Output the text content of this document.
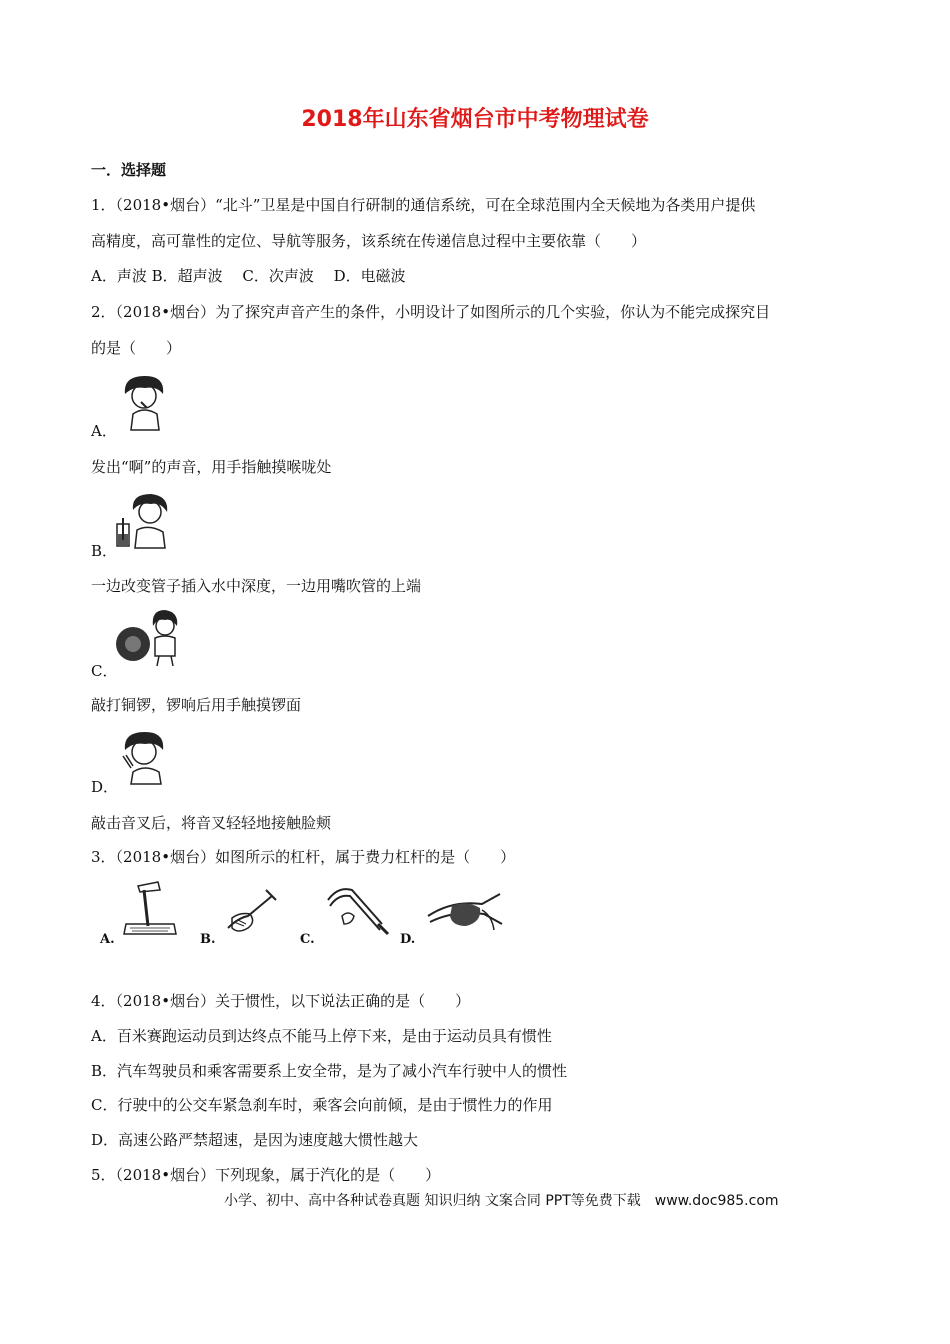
2018年山东省烟台市中考物理试卷
一．选择题
1．（2018•烟台）“北斗”卫星是中国自行研制的通信系统，可在全球范围内全天候地为各类用户提供
高精度，高可靠性的定位、导航等服务，该系统在传递信息过程中主要依靠（　　）
A．声波 B．超声波　 C．次声波　 D．电磁波
2．（2018•烟台）为了探究声音产生的条件，小明设计了如图所示的几个实验，你认为不能完成探究目
的是（　　）
A．
发出“啊”的声音，用手指触摸喉咙处
B．
一边改变管子插入水中深度，一边用嘴吹管的上端
C．
敲打铜锣，锣响后用手触摸锣面
D．
敲击音叉后，将音叉轻轻地接触脸颊
3．（2018•烟台）如图所示的杠杆，属于费力杠杆的是（　　）
A.	B.	C.	D.
4．（2018•烟台）关于惯性，以下说法正确的是（　　）
A．百米赛跑运动员到达终点不能马上停下来，是由于运动员具有惯性
B．汽车驾驶员和乘客需要系上安全带，是为了减小汽车行驶中人的惯性
C．行驶中的公交车紧急刹车时，乘客会向前倾，是由于惯性力的作用
D．高速公路严禁超速，是因为速度越大惯性越大
5．（2018•烟台）下列现象，属于汽化的是（　　）
小学、初中、高中各种试卷真题 知识归纳 文案合同 PPT等免费下载　www.doc985.com
